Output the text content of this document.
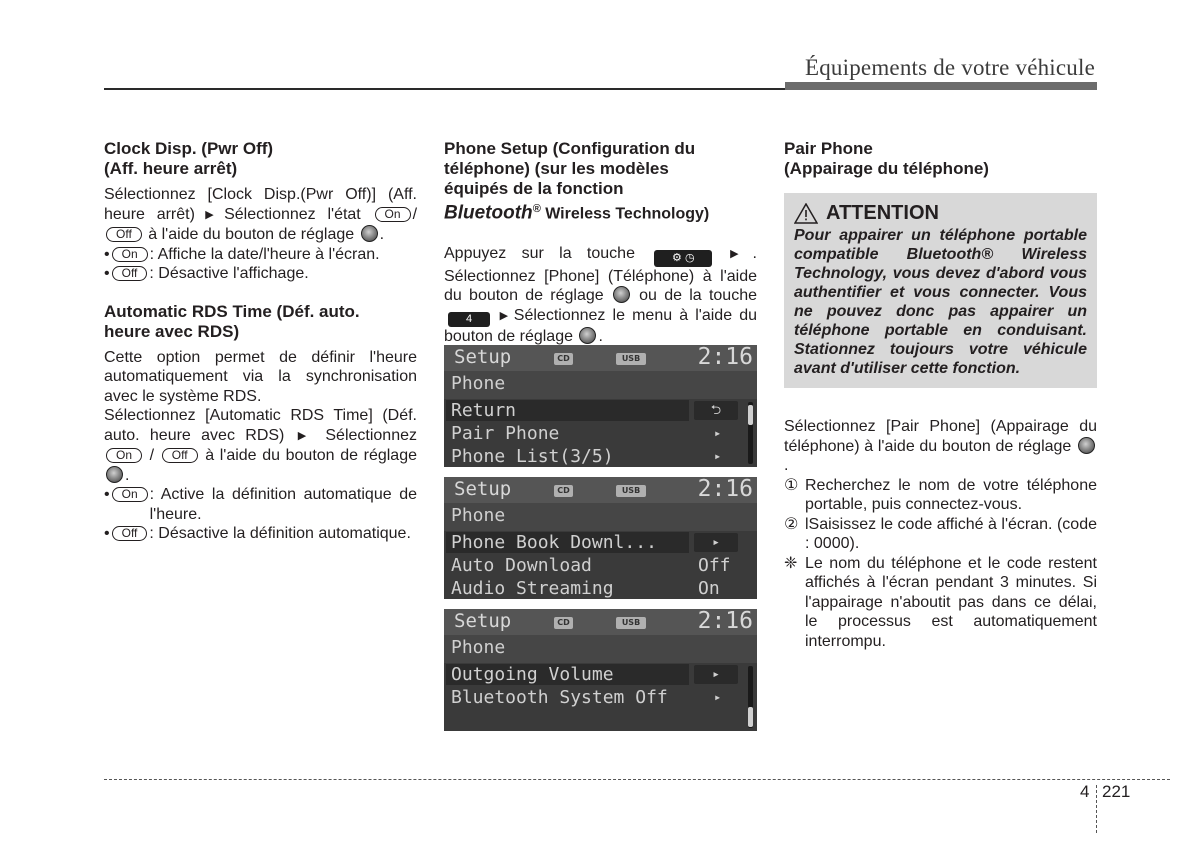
Équipements de votre véhicule
Clock Disp. (Pwr Off)
(Aff. heure arrêt)

Sélectionnez [Clock Disp.(Pwr Off)] (Aff. heure arrêt) ▶ Sélectionnez l'état On / Off à l'aide du bouton de réglage .

• On : Affiche la date/l'heure à l'écran.
• Off : Désactive l'affichage.
Automatic RDS Time (Déf. auto.
heure avec RDS)

Cette option permet de définir l'heure automatiquement via la synchronisation avec le système RDS.

Sélectionnez [Automatic RDS Time] (Déf. auto. heure avec RDS) ▶ Sélectionnez On / Off à l'aide du bouton de réglage .

• On : Active la définition automatique de l'heure.
• Off : Désactive la définition automatique.
Phone Setup (Configuration du
téléphone) (sur les modèles
équipés de la fonction
Bluetooth® Wireless Technology)

Appuyez sur la touche	⚙ ◷ ▶ . Sélectionnez [Phone] (Téléphone) à l'aide du bouton de réglage ou de la touche 4 ▶ Sélectionnez le menu à l'aide du bouton de réglage .

Setup	CD	USB 2:16
Phone
Return	⮌
Pair Phone	▸
Phone List(3/5)	▸
Setup	CD	USB 2:16
Phone
Phone Book Downl...	▸
Auto Download	Off
Audio Streaming	On
Setup	CD	USB 2:16
Phone
Outgoing Volume	▸
Bluetooth System Off	▸
Pair Phone
(Appairage du téléphone)
ATTENTION
Pour appairer un téléphone portable compatible Bluetooth® Wireless Technology, vous devez d'abord vous authentifier et vous connecter. Vous ne pouvez donc pas appairer un téléphone portable en conduisant. Stationnez toujours votre véhicule avant d'utiliser cette fonction.

Sélectionnez [Pair Phone] (Appairage du téléphone) à l'aide du bouton de réglage .

① Recherchez le nom de votre téléphone portable, puis connectez-vous.
② lSaisissez le code affiché à l'écran. (code : 0000).
❈ Le nom du téléphone et le code restent affichés à l'écran pendant 3 minutes. Si l'appairage n'aboutit pas dans ce délai, le processus est automatiquement interrompu.
4 221
